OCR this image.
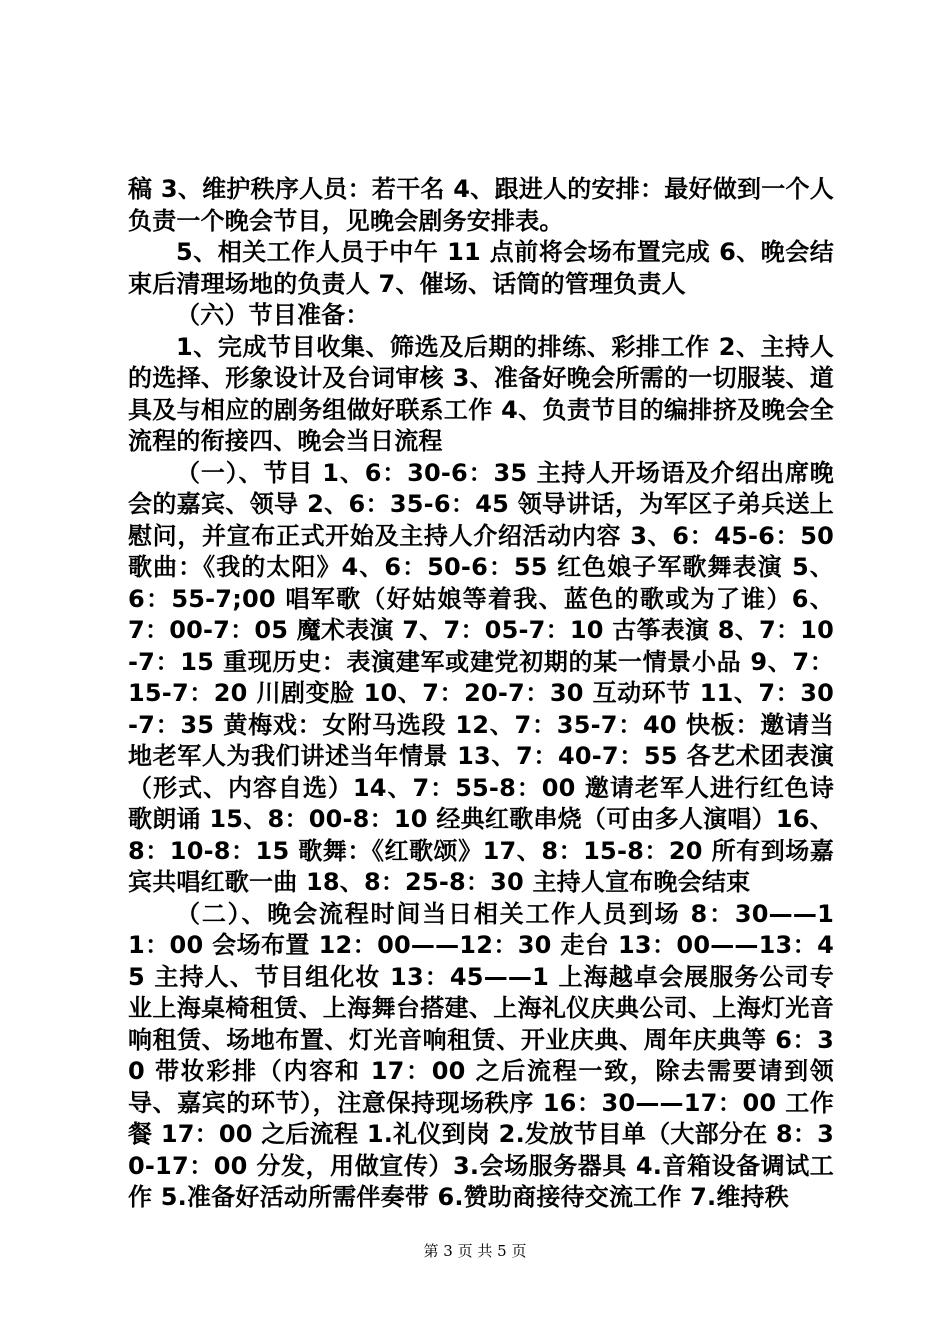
稿 3、维护秩序人员：若干名 4、跟进人的安排：最好做到一个人负责一个晚会节目，见晚会剧务安排表。

5、相关工作人员于中午 11 点前将会场布置完成 6、晚会结束后清理场地的负责人 7、催场、话筒的管理负责人

（六）节目准备：

1、完成节目收集、筛选及后期的排练、彩排工作 2、主持人的选择、形象设计及台词审核 3、准备好晚会所需的一切服装、道具及与相应的剧务组做好联系工作 4、负责节目的编排挤及晚会全流程的衔接四、晚会当日流程

（一）、节目 1、6：30-6：35 主持人开场语及介绍出席晚会的嘉宾、领导 2、6：35-6：45 领导讲话，为军区子弟兵送上慰问，并宣布正式开始及主持人介绍活动内容 3、6：45-6：50 歌曲：《我的太阳》4、6：50-6：55 红色娘子军歌舞表演 5、6：55-7;00 唱军歌（好姑娘等着我、蓝色的歌或为了谁）6、7：00-7：05 魔术表演 7、7：05-7：10 古筝表演 8、7：10-7：15 重现历史：表演建军或建党初期的某一情景小品 9、7：15-7：20 川剧变脸 10、7：20-7：30 互动环节 11、7：30-7：35 黄梅戏：女附马选段 12、7：35-7：40 快板：邀请当地老军人为我们讲述当年情景 13、7：40-7：55 各艺术团表演（形式、内容自选）14、7：55-8：00 邀请老军人进行红色诗歌朗诵 15、8：00-8：10 经典红歌串烧（可由多人演唱）16、8：10-8：15 歌舞：《红歌颂》17、8：15-8：20 所有到场嘉宾共唱红歌一曲 18、8：25-8：30 主持人宣布晚会结束

（二）、晚会流程时间当日相关工作人员到场 8：30——11：00 会场布置 12：00——12：30 走台 13：00——13：45 主持人、节目组化妆 13：45——1 上海越卓会展服务公司专业上海桌椅租赁、上海舞台搭建、上海礼仪庆典公司、上海灯光音响租赁、场地布置、灯光音响租赁、开业庆典、周年庆典等 6：30 带妆彩排（内容和 17：00 之后流程一致，除去需要请到领导、嘉宾的环节），注意保持现场秩序 16：30——17：00 工作餐 17：00 之后流程 1.礼仪到岗 2.发放节目单（大部分在 8：30-17：00 分发，用做宣传）3.会场服务器具 4.音箱设备调试工作 5.准备好活动所需伴奏带 6.赞助商接待交流工作 7.维持秩

第 3 页 共 5 页
